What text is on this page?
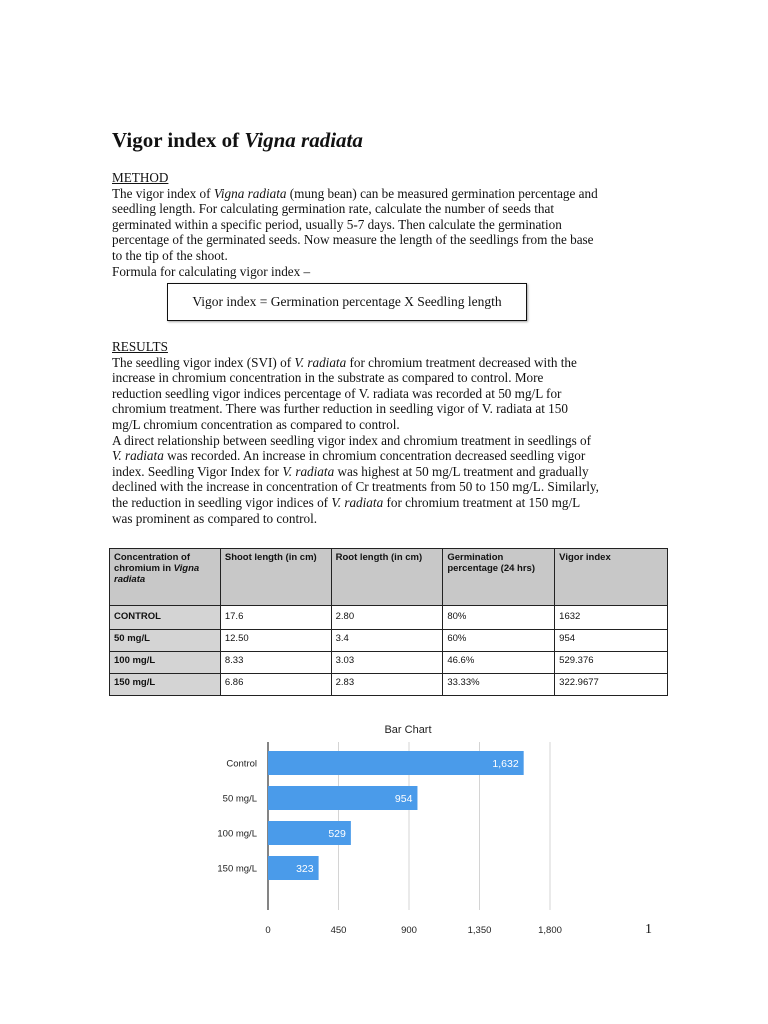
Vigor index of Vigna radiata
METHOD
The vigor index of Vigna radiata (mung bean) can be measured germination percentage and
seedling length. For calculating germination rate, calculate the number of seeds that
germinated within a specific period, usually 5-7 days. Then calculate the germination
percentage of the germinated seeds. Now measure the length of the seedlings from the base
to the tip of the shoot.
Formula for calculating vigor index –
Vigor index = Germination percentage X Seedling length
RESULTS
The seedling vigor index (SVI) of V. radiata for chromium treatment decreased with the
increase in chromium concentration in the substrate as compared to control. More
reduction seedling vigor indices percentage of V. radiata was recorded at 50 mg/L for
chromium treatment. There was further reduction in seedling vigor of V. radiata at 150
mg/L chromium concentration as compared to control.
A direct relationship between seedling vigor index and chromium treatment in seedlings of
V. radiata was recorded. An increase in chromium concentration decreased seedling vigor
index. Seedling Vigor Index for V. radiata was highest at 50 mg/L treatment and gradually
declined with the increase in concentration of Cr treatments from 50 to 150 mg/L. Similarly,
the reduction in seedling vigor indices of V. radiata for chromium treatment at 150 mg/L
was prominent as compared to control.
Concentration of chromium in Vigna radiata	Shoot length (in cm)	Root length (in cm)	Germination percentage (24 hrs)	Vigor index
CONTROL	17.6	2.80	80%	1632
50 mg/L	12.50	3.4	60%	954
100 mg/L	8.33	3.03	46.6%	529.376
150 mg/L	6.86	2.83	33.33%	322.9677
Bar Chart
1,632
954
529
323
Control
50 mg/L
100 mg/L
150 mg/L
0	450	900	1,350	1,800	1
